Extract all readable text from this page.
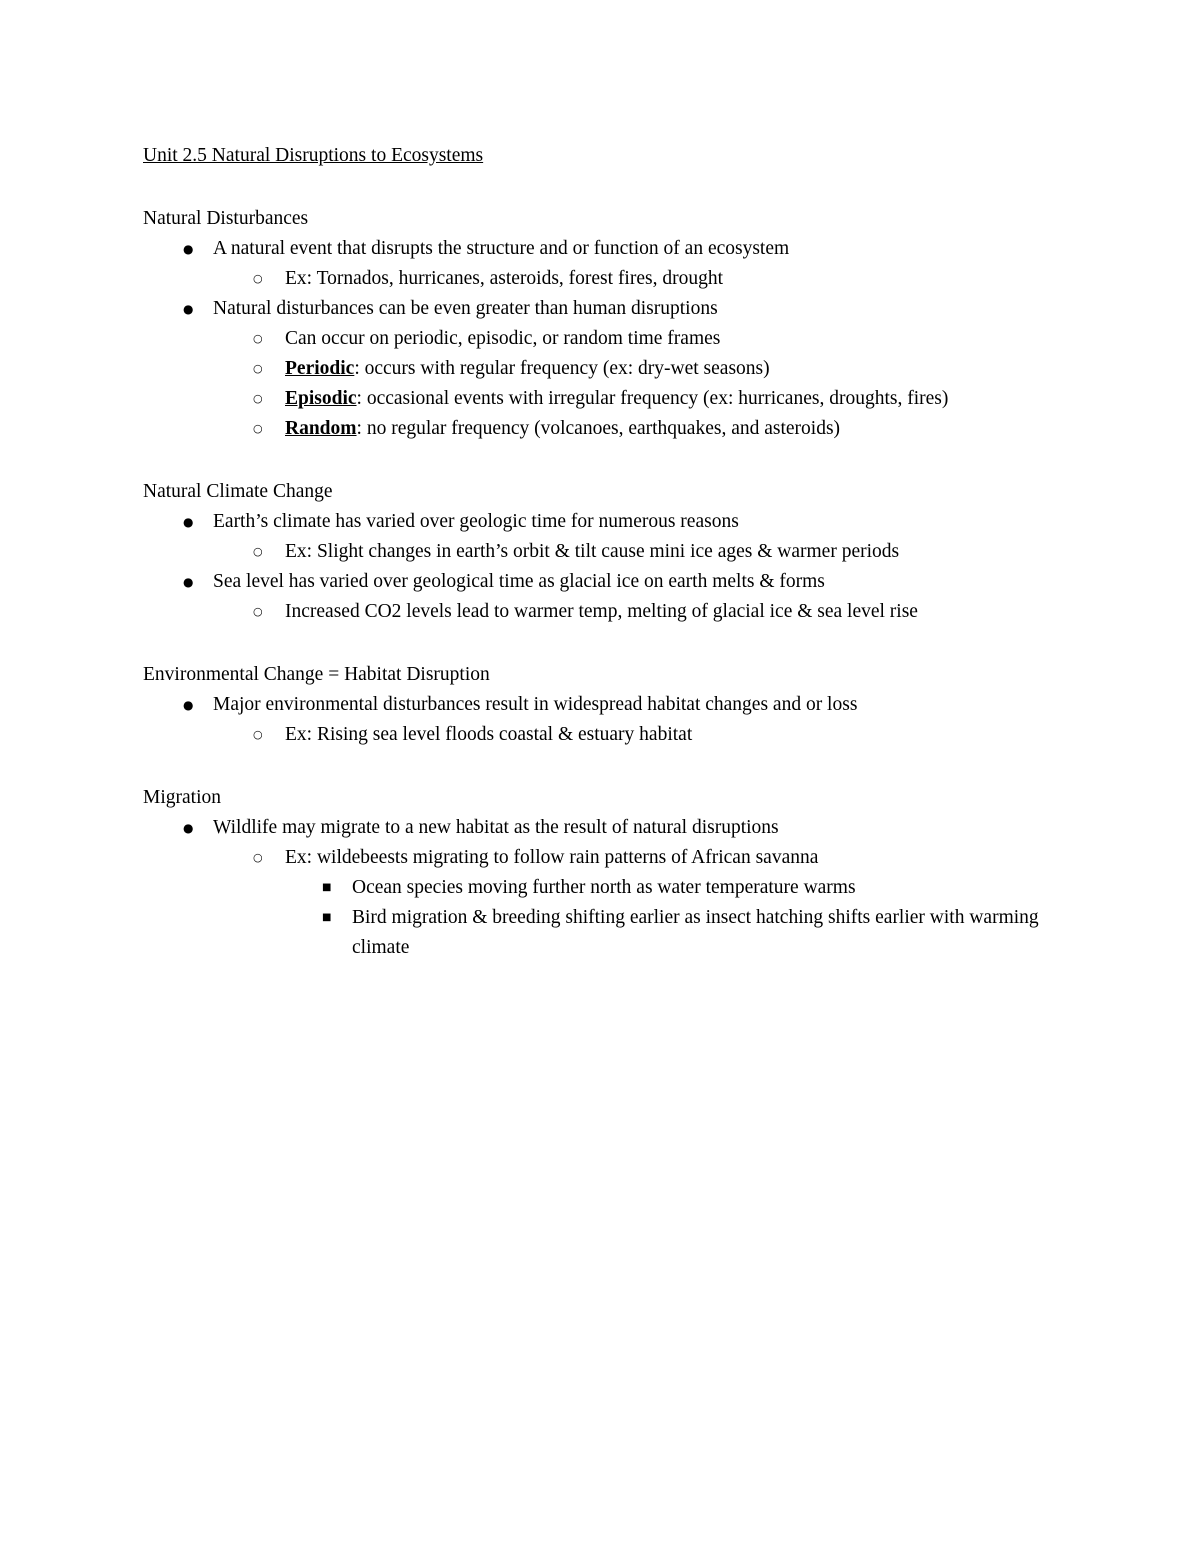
Unit 2.5 Natural Disruptions to Ecosystems
Natural Disturbances
●	A natural event that disrupts the structure and or function of an ecosystem
○	Ex: Tornados, hurricanes, asteroids, forest fires, drought
●	Natural disturbances can be even greater than human disruptions
○	Can occur on periodic, episodic, or random time frames
○	Periodic: occurs with regular frequency (ex: dry-wet seasons)
○	Episodic: occasional events with irregular frequency (ex: hurricanes, droughts, fires)
○	Random: no regular frequency (volcanoes, earthquakes, and asteroids)
Natural Climate Change
●	Earth’s climate has varied over geologic time for numerous reasons
○	Ex: Slight changes in earth’s orbit & tilt cause mini ice ages & warmer periods
●	Sea level has varied over geological time as glacial ice on earth melts & forms
○	Increased CO2 levels lead to warmer temp, melting of glacial ice & sea level rise
Environmental Change = Habitat Disruption
●	Major environmental disturbances result in widespread habitat changes and or loss
○	Ex: Rising sea level floods coastal & estuary habitat
Migration
●	Wildlife may migrate to a new habitat as the result of natural disruptions
○	Ex: wildebeests migrating to follow rain patterns of African savanna
■	Ocean species moving further north as water temperature warms
■	Bird migration & breeding shifting earlier as insect hatching shifts earlier with warming climate
